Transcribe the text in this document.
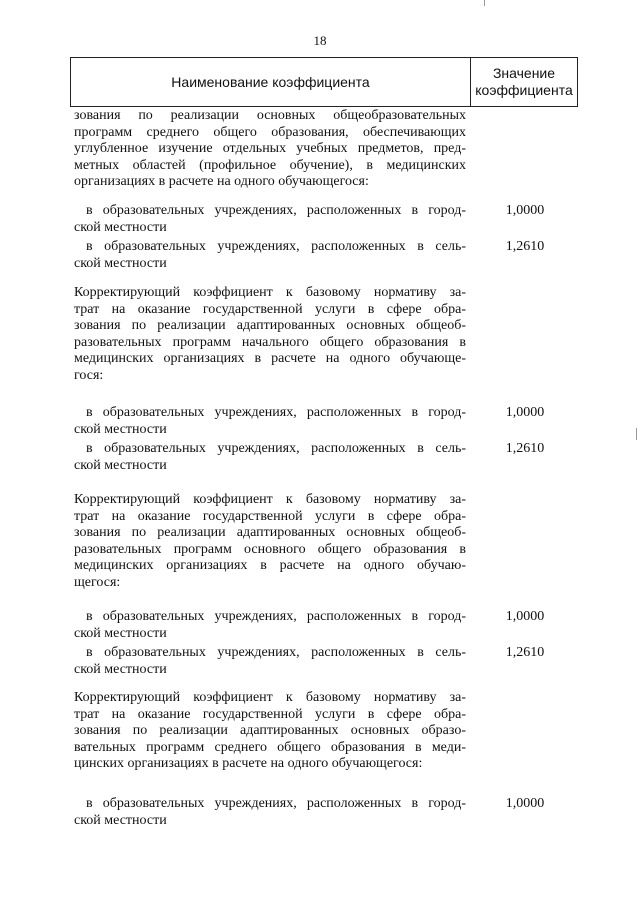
18
Наименование коэффициента
Значение
коэффициента
зования по реализации основных общеобразовательных
программ среднего общего образования, обеспечивающих
углубленное изучение отдельных учебных предметов, пред-
метных областей (профильное обучение), в медицинских
организациях в расчете на одного обучающегося:
в образовательных учреждениях, расположенных в город-
ской местности
1,0000
в образовательных учреждениях, расположенных в сель-
ской местности
1,2610
Корректирующий коэффициент к базовому нормативу за-
трат на оказание государственной услуги в сфере обра-
зования по реализации адаптированных основных общеоб-
разовательных программ начального общего образования в
медицинских организациях в расчете на одного обучающе-
гося:
в образовательных учреждениях, расположенных в город-
ской местности
1,0000
в образовательных учреждениях, расположенных в сель-
ской местности
1,2610
Корректирующий коэффициент к базовому нормативу за-
трат на оказание государственной услуги в сфере обра-
зования по реализации адаптированных основных общеоб-
разовательных программ основного общего образования в
медицинских организациях в расчете на одного обучаю-
щегося:
в образовательных учреждениях, расположенных в город-
ской местности
1,0000
в образовательных учреждениях, расположенных в сель-
ской местности
1,2610
Корректирующий коэффициент к базовому нормативу за-
трат на оказание государственной услуги в сфере обра-
зования по реализации адаптированных основных образо-
вательных программ среднего общего образования в меди-
цинских организациях в расчете на одного обучающегося:
в образовательных учреждениях, расположенных в город-
ской местности
1,0000
